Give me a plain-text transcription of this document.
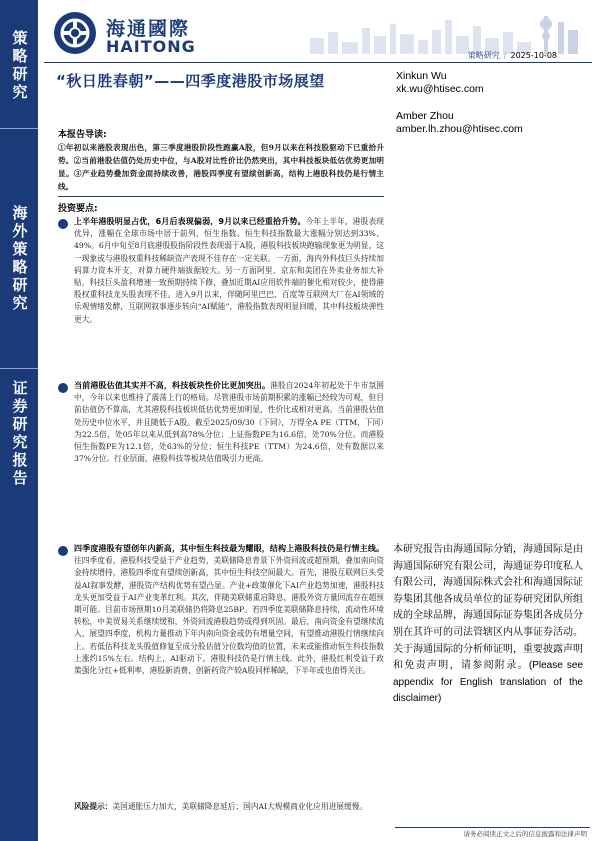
策略研究
海外策略研究
证券研究报告
海通國際
HAITONG	策略研究 / 2025-10-08
“秋日胜春朝”——四季度港股市场展望	Xinkun Wu
xk.wu@htisec.com
Amber Zhou
amber.lh.zhou@htisec.com
本报告导读:
①年初以来港股表现出色，第三季度港股阶段性跑赢A股，但9月以来在科技股驱动下已重拾升势。②当前港股估值仍处历史中位，与A股对比性价比仍然突出，其中科技板块低估优势更加明显。③产业趋势叠加资金面持续改善，港股四季度有望续创新高，结构上港股科技仍是行情主线。
投资要点:
上半年港股明显占优，6月后表现偏弱，9月以来已经重拾升势。今年上半年，港股表现优异，涨幅在全球市场中居于前列，恒生指数、恒生科技指数最大涨幅分别达到33%、49%。6月中旬至8月底港股股指阶段性表现弱于A股，港股科技板块跑输现象更为明显，这一现象或与港股权重科技稀缺资产表现不佳存在一定关联。一方面，海内外科技巨头持续加码算力资本开支，对算力硬件端拔据较大。另一方面阿里、京东和美团在外卖业务加大补贴，科技巨头盈利增速一致预期持续下修，叠加近期AI应用软件端的催化相对较少，使得港股权重科技龙头股表现不佳。进入9月以来，伴随阿里巴巴、百度等互联网大厂在AI领域的乐观情绪发酵，互联网叙事逐步转向“AI赋能”，港股指数表现明显回暖，其中科技板块弹性更大。
当前港股估值其实并不高，科技板块性价比更加突出。港股自2024年初起处于牛市氛围中，今年以来也维持了震荡上行的格局。尽管港股市场前期积累的涨幅已经较为可观，但目前估值仍不算高，尤其港股科技板块低估优势更加明显，性价比或相对更高。当前港股估值处历史中位水平，并且随低于A股。截至2025/09/30（下同），万得全A PE（TTM，下同）为22.5倍，处05年以来从低到高78%分位；上证指数PE为16.6倍，处70%分位。而港股恒生指数PE为12.1倍，处63%的分位；恒生科技PE（TTM）为24.6倍，处有数据以来37%分位。行业层面，港股科技等板块估值吸引力更高。
四季度港股有望创年内新高，其中恒生科技最为耀眼，结构上港股科技仍是行情主线。往四季度看，港股科技受益于产业趋势、美联储降息背景下外资回流或超预期，叠加南向资金持续增持，港股四季度有望续创新高，其中恒生科技空间最大。首先，港股互联网巨头受益AI叙事发酵，港股资产结构优势有望凸显。产业+政策催化下AI产业趋势加速，港股科技龙头更加受益于AI产业变革红利。其次，伴随美联储重启降息，港股外资方量回流存在超预期可能。目前市场预期10月美联储仍将降息25BP。若四季度美联储降息持续，流动性环境转松，中美贸易关系继续缓和，外资回流港股趋势或得到巩固。最后，南向资金有望继续流入，展望四季度，机构力量推动下年内南向资金或仍有增量空间，有望推动港股行情继续向上。若低估科技龙头股值修复至成分股估值分位数均值的位置，未来或能推动恒生科技指数上涨约15%左右。结构上，AI驱动下，港股科技仍是行情主线。此外，港股红利受益于政策强化分红+低利率，港股新消费、创新药资产较A股同样稀缺，下半年或也值得关注。
风险提示：美国通胀压力加大，美联储降息延后；国内AI大规模商业化应用进展缓慢。
本研究报告由海通国际分销，海通国际是由海通国际研究有限公司，海通证券印度私人有限公司，海通国际株式会社和海通国际证券集团其他各成员单位的证券研究团队所组成的全球品牌，海通国际证券集团各成员分别在其许可的司法管辖区内从事证券活动。关于海通国际的分析师证明，重要披露声明和免责声明，请参阅附录。(Please see appendix for English translation of the disclaimer)
请务必阅读正文之后的信息披露和法律声明
